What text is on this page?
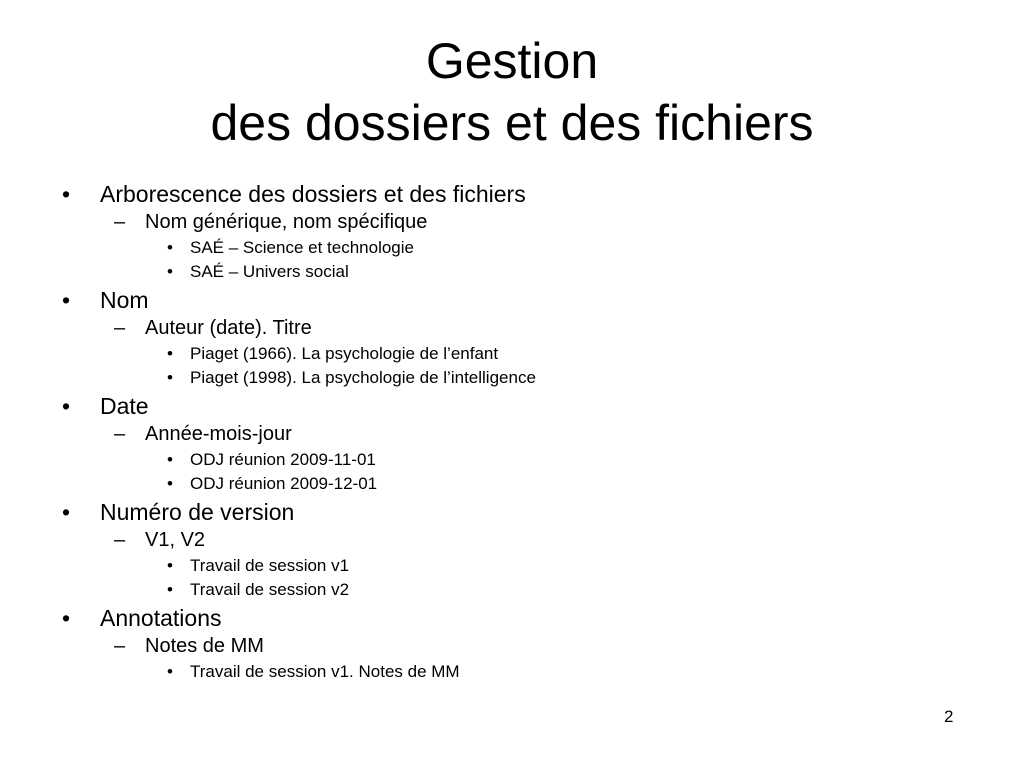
Gestion
des dossiers et des fichiers
• Arborescence des dossiers et des fichiers
– Nom générique, nom spécifique
• SAÉ – Science et technologie
• SAÉ – Univers social
• Nom
– Auteur (date). Titre
• Piaget (1966). La psychologie de l’enfant
• Piaget (1998). La psychologie de l’intelligence
• Date
– Année-mois-jour
• ODJ réunion 2009-11-01
• ODJ réunion 2009-12-01
• Numéro de version
– V1, V2
• Travail de session v1
• Travail de session v2
• Annotations
– Notes de MM
• Travail de session v1. Notes de MM
2
